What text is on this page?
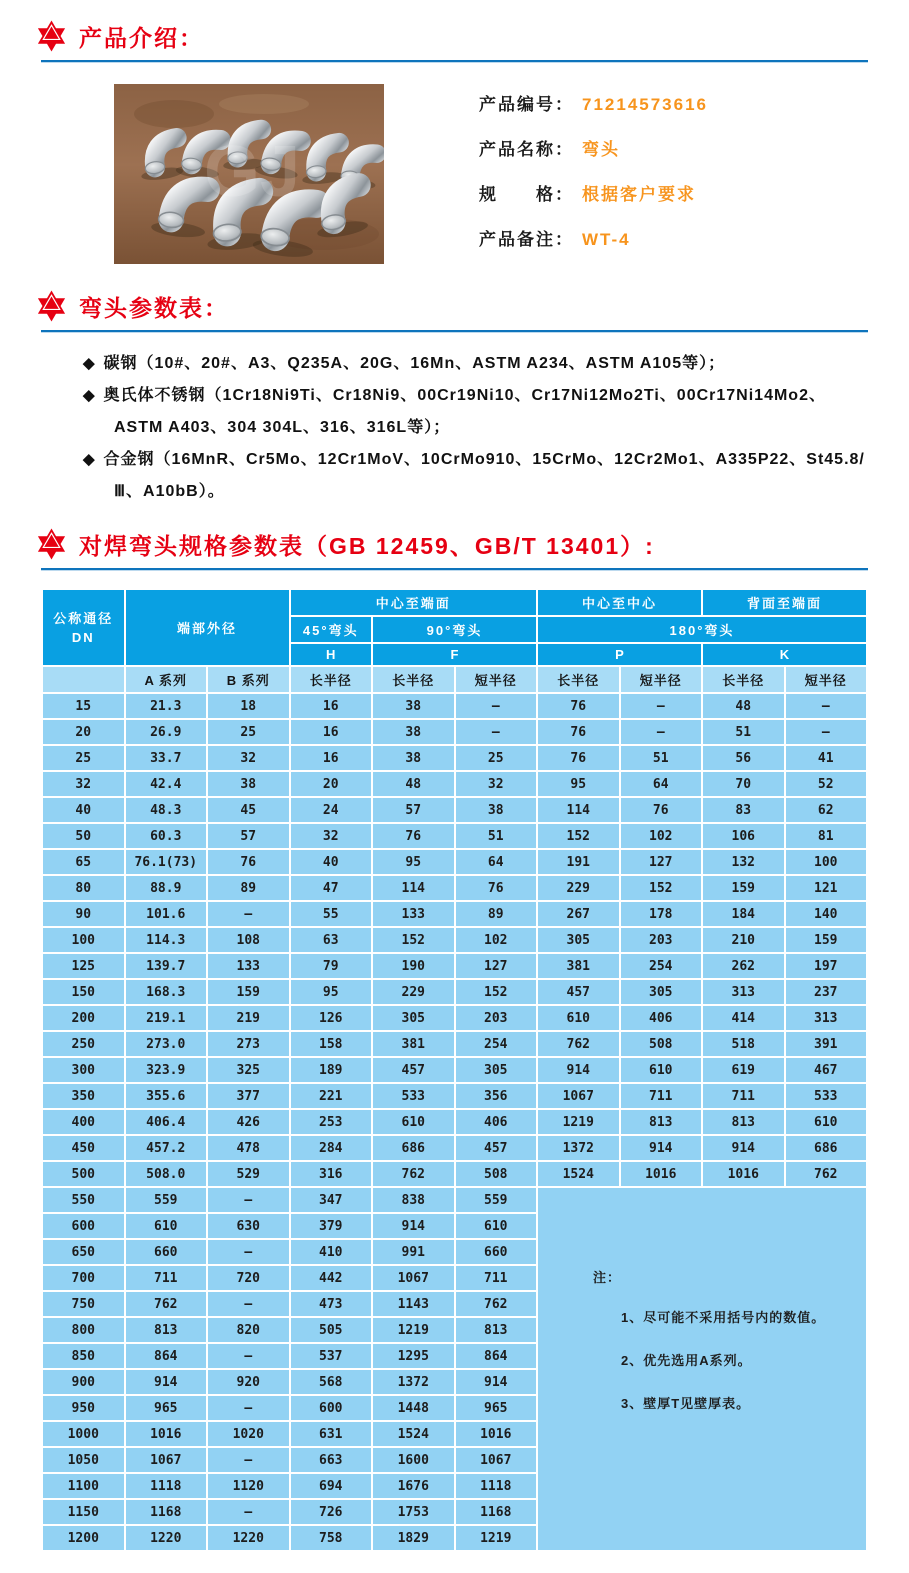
产品介绍：
GJ
产品编号： 71214573616
产品名称： 弯头
规　　格： 根据客户要求
产品备注： WT-4
弯头参数表：
◆ 碳钢（10#、20#、A3、Q235A、20G、16Mn、ASTM A234、ASTM A105等）；
◆ 奥氏体不锈钢（1Cr18Ni9Ti、Cr18Ni9、00Cr19Ni10、Cr17Ni12Mo2Ti、00Cr17Ni14Mo2、ASTM A403、304 304L、316、316L等）；
◆ 合金钢（16MnR、Cr5Mo、12Cr1MoV、10CrMo910、15CrMo、12Cr2Mo1、A335P22、St45.8/Ⅲ、A10bB）。
对焊弯头规格参数表（GB 12459、GB/T 13401）:
公称通径
DN	端部外径		中心至端面			中心至中心		背面至端面	
			45°弯头	90°弯头		180°弯头			
			H	F		P		K	
	A 系列	B 系列	长半径	长半径	短半径	长半径	短半径	长半径	短半径
15	21.3	18	16	38	—	76	—	48	—
20	26.9	25	16	38	—	76	—	51	—
25	33.7	32	16	38	25	76	51	56	41
32	42.4	38	20	48	32	95	64	70	52
40	48.3	45	24	57	38	114	76	83	62
50	60.3	57	32	76	51	152	102	106	81
65	76.1(73)	76	40	95	64	191	127	132	100
80	88.9	89	47	114	76	229	152	159	121
90	101.6	—	55	133	89	267	178	184	140
100	114.3	108	63	152	102	305	203	210	159
125	139.7	133	79	190	127	381	254	262	197
150	168.3	159	95	229	152	457	305	313	237
200	219.1	219	126	305	203	610	406	414	313
250	273.0	273	158	381	254	762	508	518	391
300	323.9	325	189	457	305	914	610	619	467
350	355.6	377	221	533	356	1067	711	711	533
400	406.4	426	253	610	406	1219	813	813	610
450	457.2	478	284	686	457	1372	914	914	686
500	508.0	529	316	762	508	1524	1016	1016	762
550	559	—	347	838	559	注：
1、尽可能不采用括号内的数值。
2、优先选用A系列。
3、壁厚T见壁厚表。			

600	610	630	379	914	610				
650	660	—	410	991	660				
700	711	720	442	1067	711				
750	762	—	473	1143	762				
800	813	820	505	1219	813				
850	864	—	537	1295	864				
900	914	920	568	1372	914				
950	965	—	600	1448	965				
1000	1016	1020	631	1524	1016				
1050	1067	—	663	1600	1067				
1100	1118	1120	694	1676	1118				
1150	1168	—	726	1753	1168				
1200	1220	1220	758	1829	1219				
